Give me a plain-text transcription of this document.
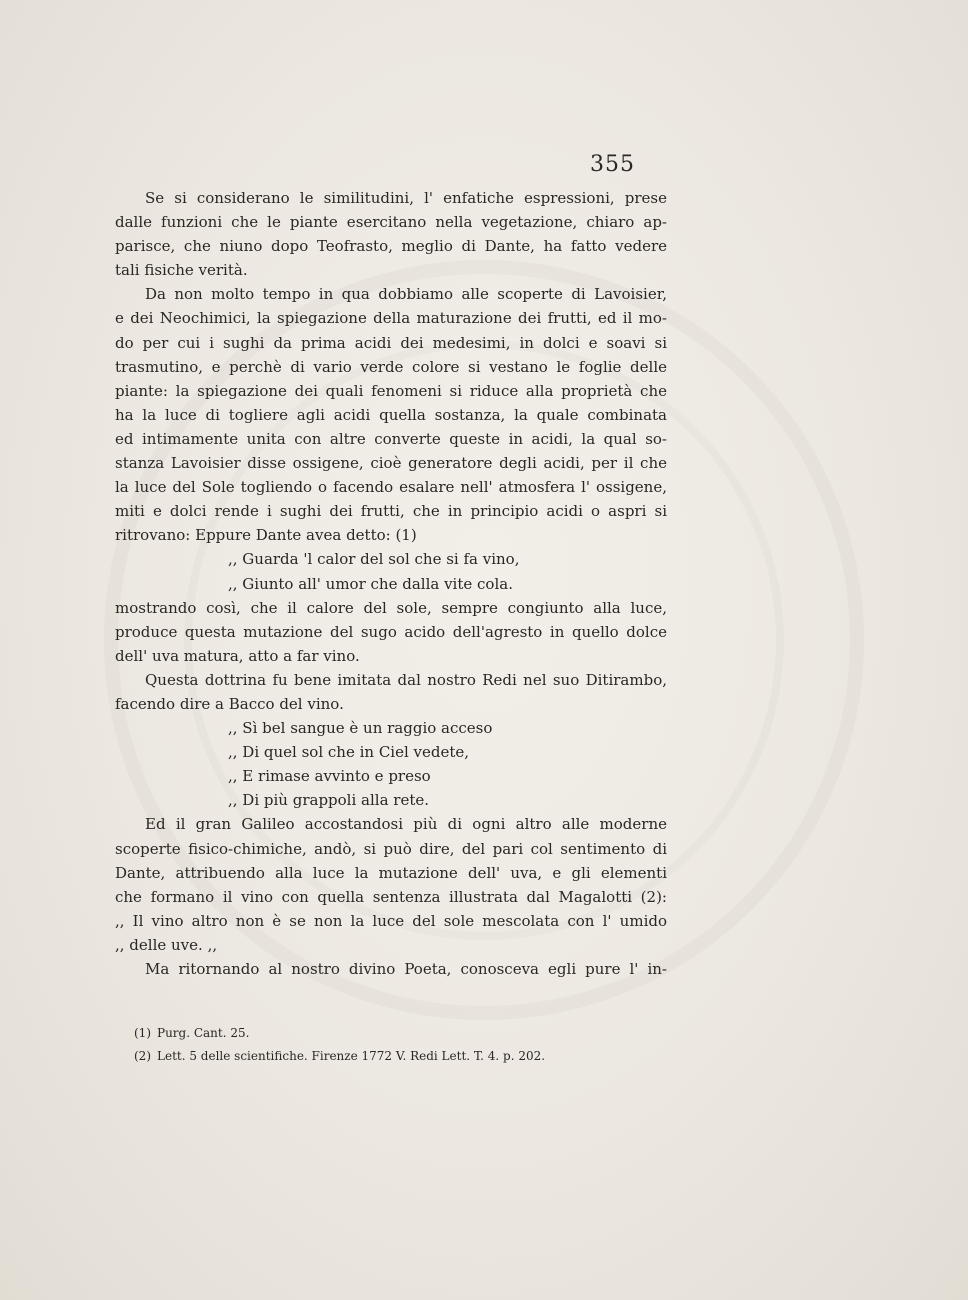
355
Se si considerano le similitudini, l' enfatiche espressioni, prese
dalle funzioni che le piante esercitano nella vegetazione, chiaro ap-
parisce, che niuno dopo Teofrasto, meglio di Dante, ha fatto vedere
tali fisiche verità.
Da non molto tempo in qua dobbiamo alle scoperte di Lavoisier,
e dei Neochimici, la spiegazione della maturazione dei frutti, ed il mo-
do per cui i sughi da prima acidi dei medesimi, in dolci e soavi si
trasmutino, e perchè di vario verde colore si vestano le foglie delle
piante: la spiegazione dei quali fenomeni si riduce alla proprietà che
ha la luce di togliere agli acidi quella sostanza, la quale combinata
ed intimamente unita con altre converte queste in acidi, la qual so-
stanza Lavoisier disse ossigene, cioè generatore degli acidi, per il che
la luce del Sole togliendo o facendo esalare nell' atmosfera l' ossigene,
miti e dolci rende i sughi dei frutti, che in principio acidi o aspri si
ritrovano: Eppure Dante avea detto: (1)
,, Guarda 'l calor del sol che si fa vino,
,, Giunto all' umor che dalla vite cola.
mostrando così, che il calore del sole, sempre congiunto alla luce,
produce questa mutazione del sugo acido dell'agresto in quello dolce
dell' uva matura, atto a far vino.
Questa dottrina fu bene imitata dal nostro Redi nel suo Ditirambo,
facendo dire a Bacco del vino.
,, Sì bel sangue è un raggio acceso
,, Di quel sol che in Ciel vedete,
,, E rimase avvinto e preso
,, Di più grappoli alla rete.
Ed il gran Galileo accostandosi più di ogni altro alle moderne
scoperte fisico-chimiche, andò, si può dire, del pari col sentimento di
Dante, attribuendo alla luce la mutazione dell' uva, e gli elementi
che formano il vino con quella sentenza illustrata dal Magalotti (2):
,, Il vino altro non è se non la luce del sole mescolata con l' umido
,, delle uve. ,,
Ma ritornando al nostro divino Poeta, conosceva egli pure l' in-
(1) Purg. Cant. 25.
(2) Lett. 5 delle scientifiche. Firenze 1772 V. Redi Lett. T. 4. p. 202.
